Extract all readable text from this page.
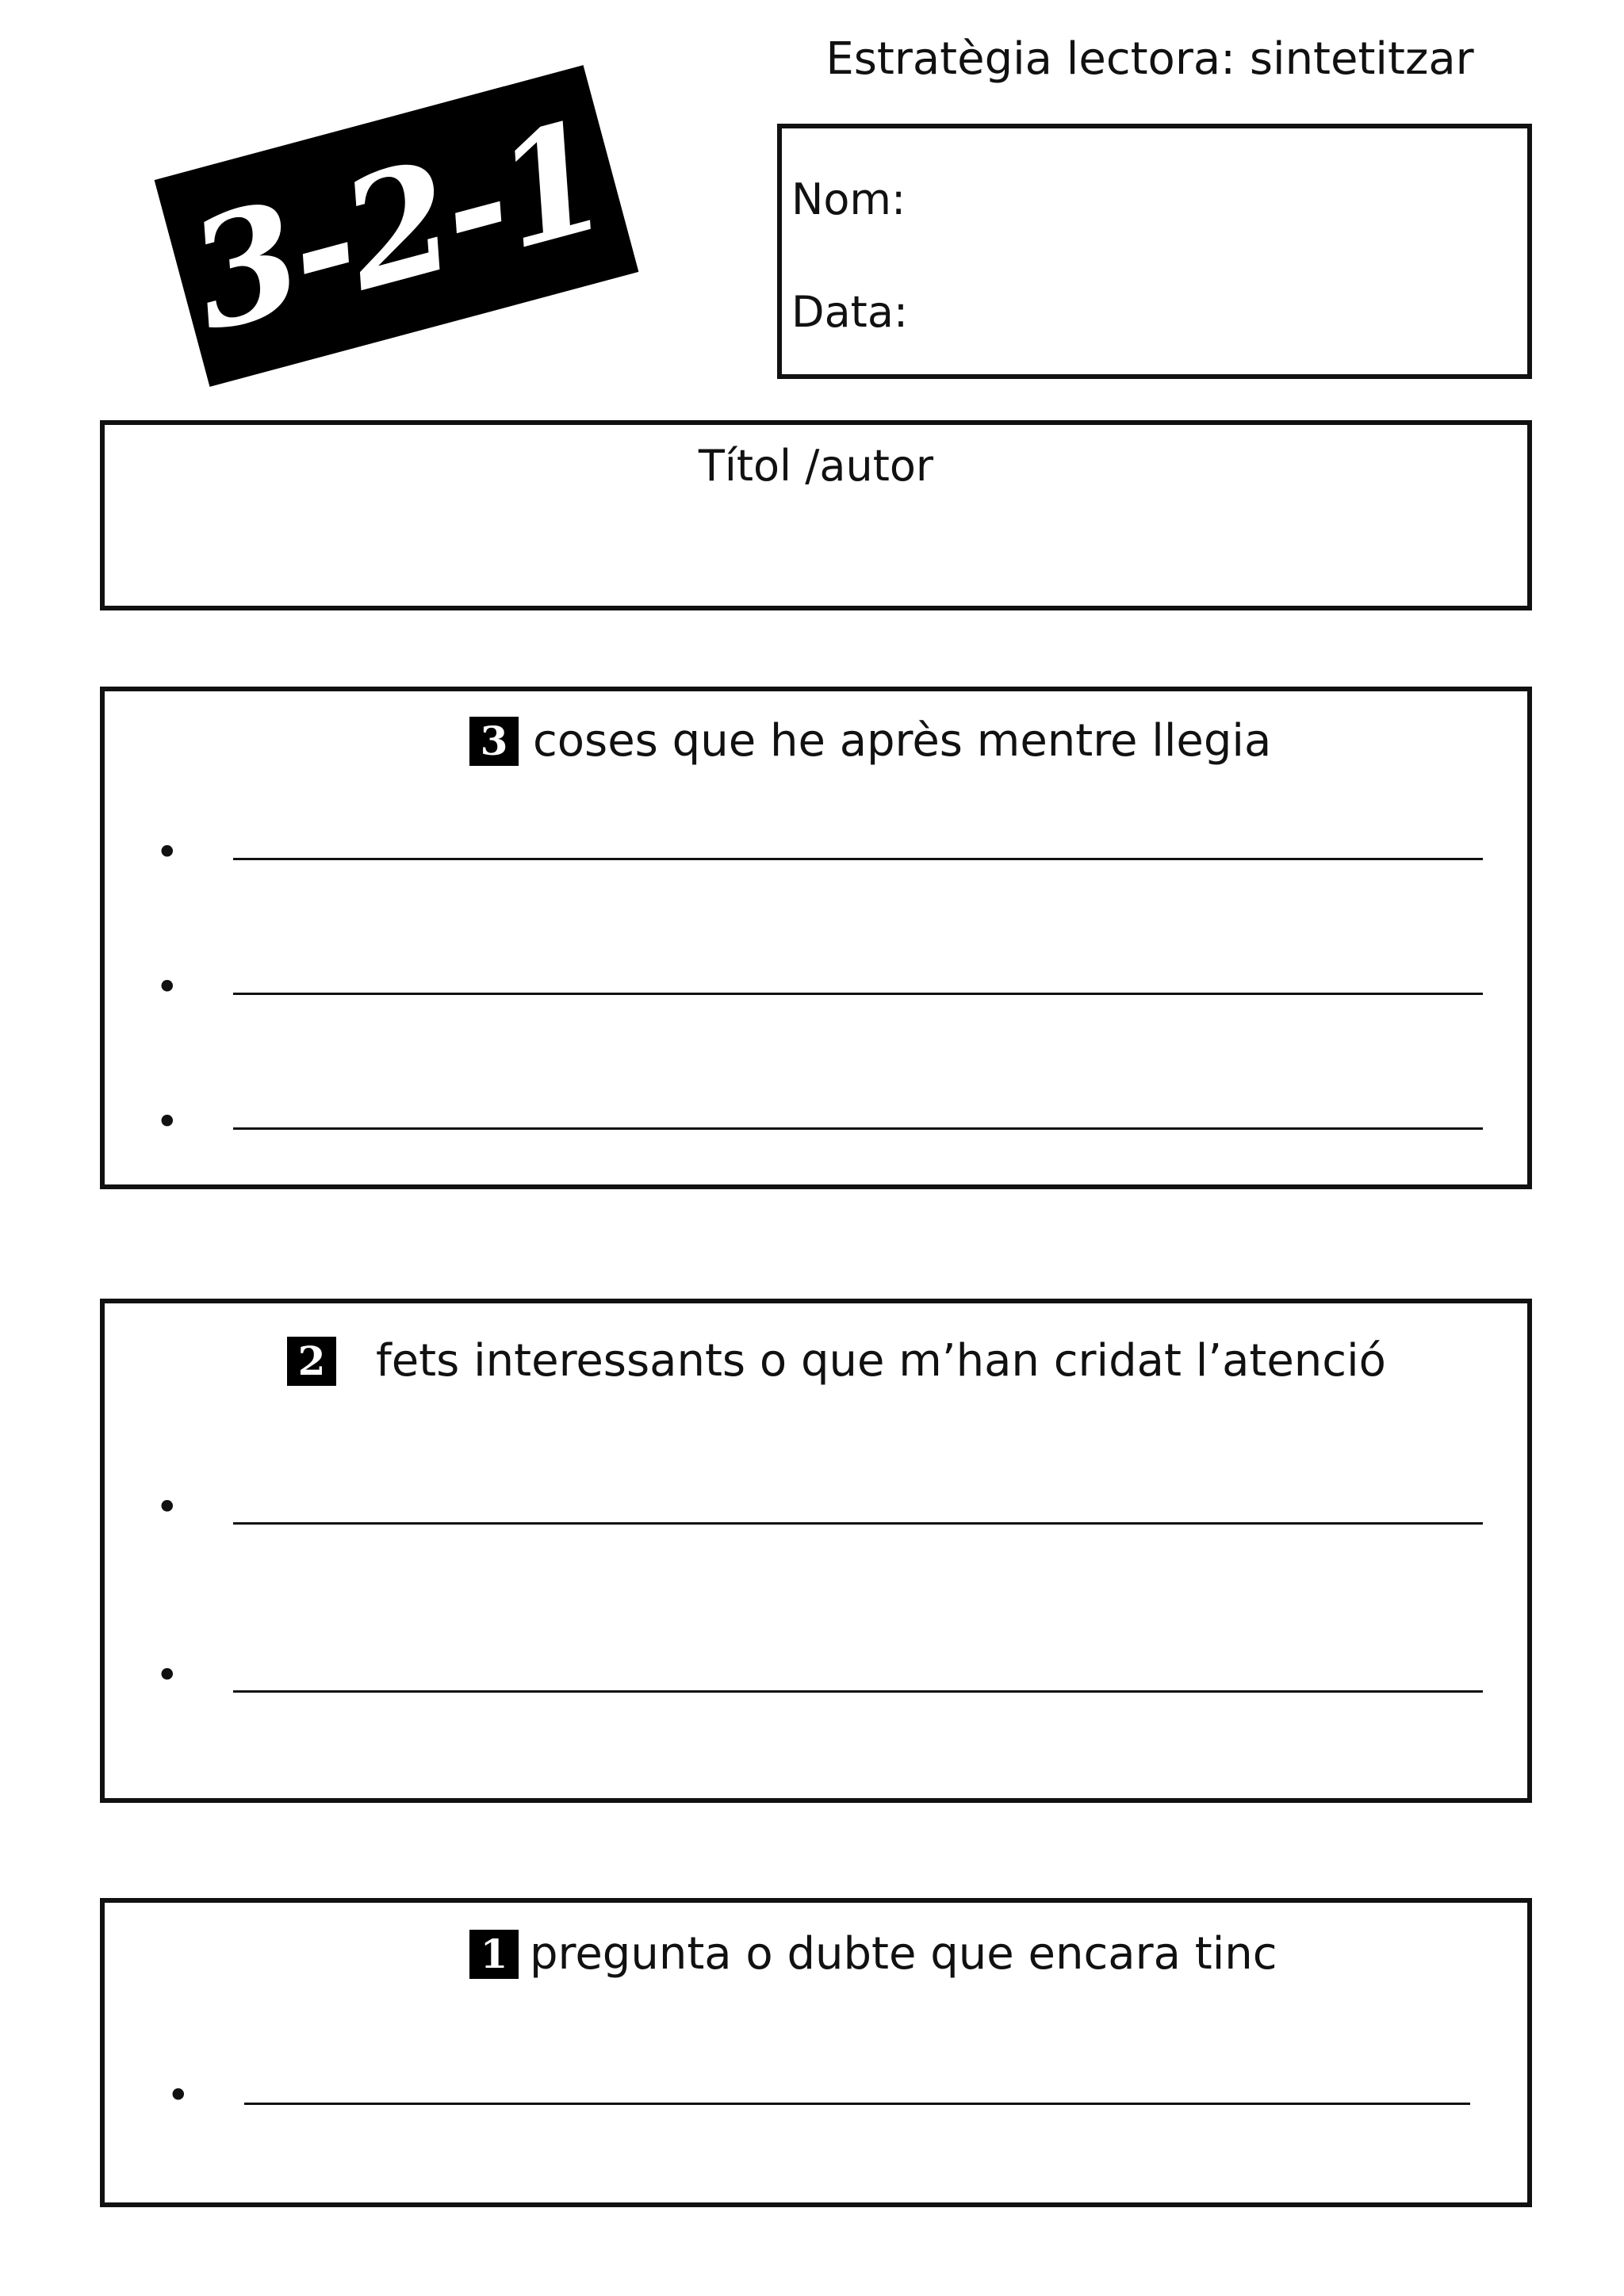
Estratègia lectora: sintetitzar
3-2-1	Nom:
Data:
Títol /autor
3 coses que he après mentre llegia
•
•
•
2 fets interessants o que m’han cridat l’atenció
•
•
1 pregunta o dubte que encara tinc
•
